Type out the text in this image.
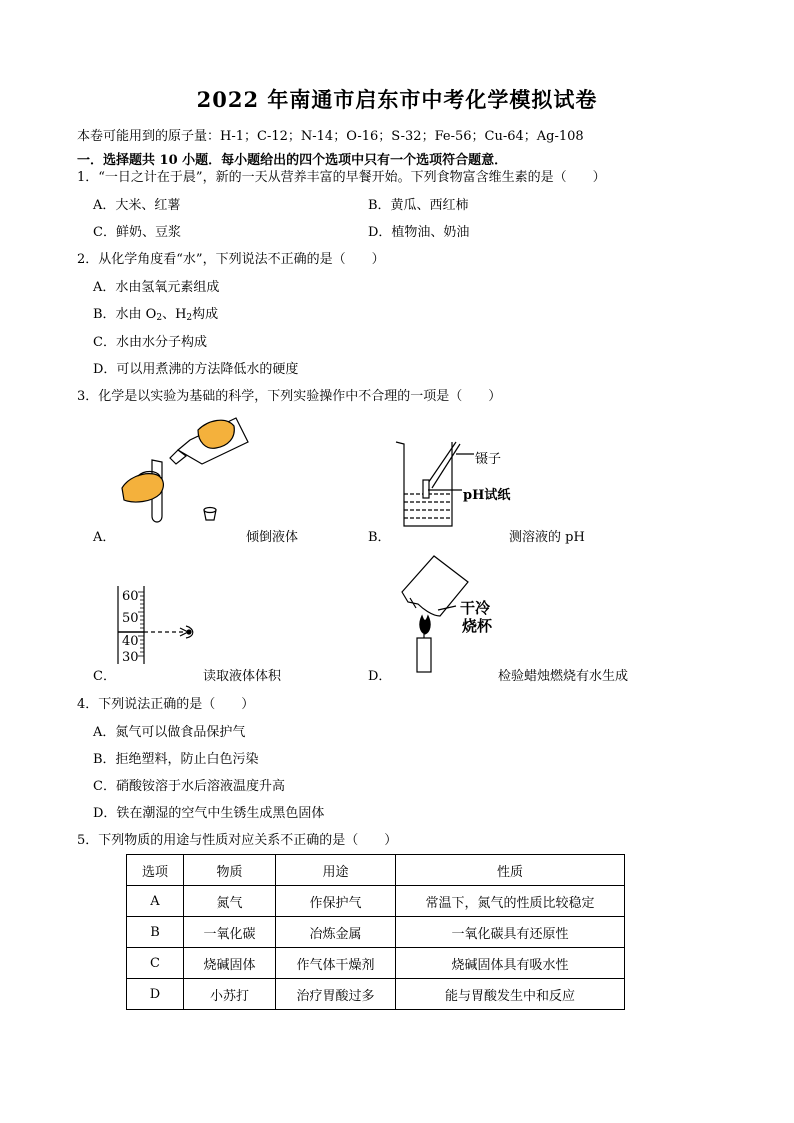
2022 年南通市启东市中考化学模拟试卷
本卷可能用到的原子量：H-1；C-12；N-14；O-16；S-32；Fe-56；Cu-64；Ag-108
一．选择题共 10 小题．每小题给出的四个选项中只有一个选项符合题意．
1．“一日之计在于晨”，新的一天从营养丰富的早餐开始。下列食物富含维生素的是（　　）
A．大米、红薯	B．黄瓜、西红柿
C．鲜奶、豆浆	D．植物油、奶油
2．从化学角度看“水”，下列说法不正确的是（　　）
A．水由氢氧元素组成
B．水由 $O_2$、$H_2$构成
C．水由水分子构成
D．可以用煮沸的方法降低水的硬度
3．化学是以实验为基础的科学，下列实验操作中不合理的一项是（　　）
A．	倾倒液体
镊子
pH试纸
B．	测溶液的 pH
60
50
40
30
C．	读取液体体积
干冷
烧杯
D．	检验蜡烛燃烧有水生成
4．下列说法正确的是（　　）
A．氮气可以做食品保护气
B．拒绝塑料，防止白色污染
C．硝酸铵溶于水后溶液温度升高
D．铁在潮湿的空气中生锈生成黑色固体
5．下列物质的用途与性质对应关系不正确的是（　　）
选项	物质	用途	性质
A	氮气	作保护气	常温下，氮气的性质比较稳定
B	一氧化碳	冶炼金属	一氧化碳具有还原性
C	烧碱固体	作气体干燥剂	烧碱固体具有吸水性
D	小苏打	治疗胃酸过多	能与胃酸发生中和反应
